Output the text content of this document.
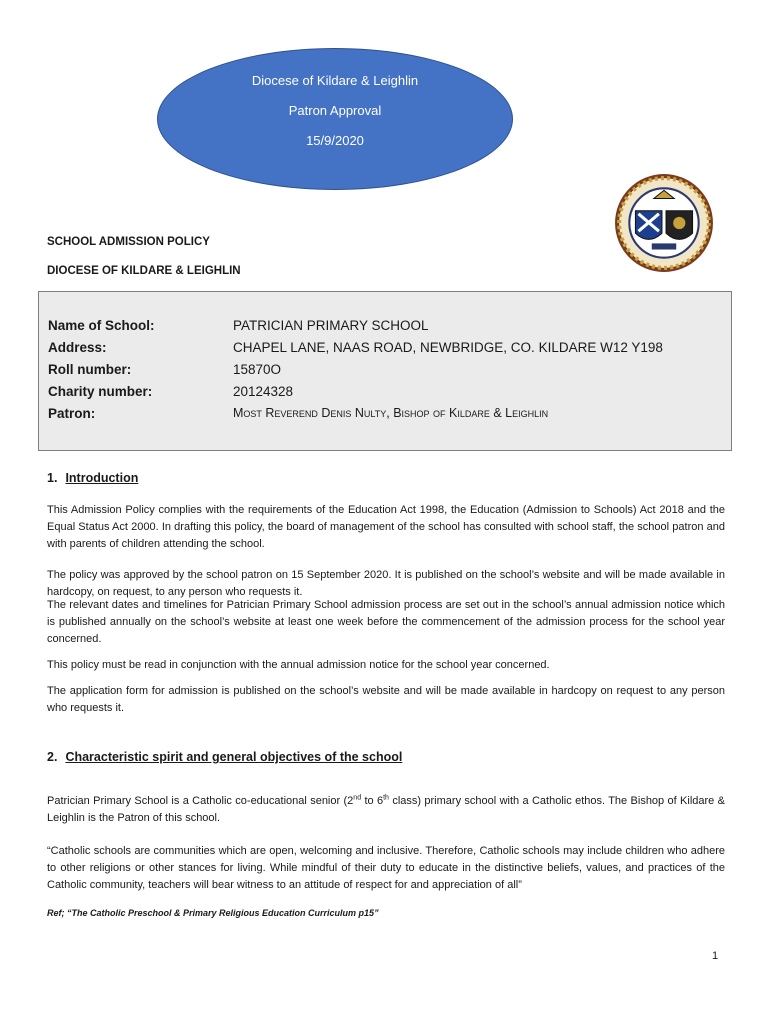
Diocese of Kildare & Leighlin
Patron Approval
15/9/2020
SCHOOL ADMISSION POLICY
DIOCESE OF KILDARE & LEIGHLIN
Name of School:	PATRICIAN PRIMARY SCHOOL
Address:	CHAPEL LANE, NAAS ROAD, NEWBRIDGE, CO. KILDARE W12 Y198
Roll number:	15870O
Charity number:	20124328
Patron:	Most Reverend Denis Nulty, Bishop of Kildare & Leighlin
1. Introduction

This Admission Policy complies with the requirements of the Education Act 1998, the Education (Admission to Schools) Act 2018 and the Equal Status Act 2000. In drafting this policy, the board of management of the school has consulted with school staff, the school patron and with parents of children attending the school.

The policy was approved by the school patron on 15 September 2020. It is published on the school’s website and will be made available in hardcopy, on request, to any person who requests it.

The relevant dates and timelines for Patrician Primary School admission process are set out in the school’s annual admission notice which is published annually on the school’s website at least one week before the commencement of the admission process for the school year concerned.

This policy must be read in conjunction with the annual admission notice for the school year concerned.

The application form for admission is published on the school’s website and will be made available in hardcopy on request to any person who requests it.

2. Characteristic spirit and general objectives of the school

Patrician Primary School is a Catholic co-educational senior (2nd to 6th class) primary school with a Catholic ethos. The Bishop of Kildare & Leighlin is the Patron of this school.

“Catholic schools are communities which are open, welcoming and inclusive. Therefore, Catholic schools may include children who adhere to other religions or other stances for living. While mindful of their duty to educate in the distinctive beliefs, values, and practices of the Catholic community, teachers will bear witness to an attitude of respect for and appreciation of all”

Ref; “The Catholic Preschool & Primary Religious Education Curriculum p15”
1
